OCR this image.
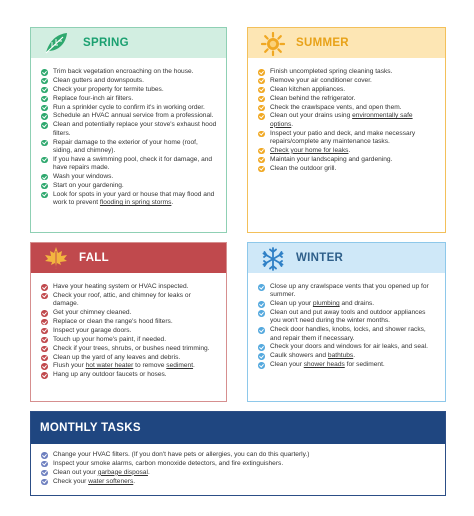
SPRING
Trim back vegetation encroaching on the house.
Clean gutters and downspouts.
Check your property for termite tubes.
Replace four-inch air filters.
Run a sprinkler cycle to confirm it's in working order.
Schedule an HVAC annual service from a professional.
Clean and potentially replace your stove's exhaust hood filters.
Repair damage to the exterior of your home (roof, siding, and chimney).
If you have a swimming pool, check it for damage, and have repairs made.
Wash your windows.
Start on your gardening.
Look for spots in your yard or house that may flood and work to prevent flooding in spring storms.
SUMMER
Finish uncompleted spring cleaning tasks.
Remove your air conditioner cover.
Clean kitchen appliances.
Clean behind the refrigerator.
Check the crawlspace vents, and open them.
Clean out your drains using environmentally safe options.
Inspect your patio and deck, and make necessary repairs/complete any maintenance tasks.
Check your home for leaks.
Maintain your landscaping and gardening.
Clean the outdoor grill.
FALL
Have your heating system or HVAC inspected.
Check your roof, attic, and chimney for leaks or damage.
Get your chimney cleaned.
Replace or clean the range's hood filters.
Inspect your garage doors.
Touch up your home's paint, if needed.
Check if your trees, shrubs, or bushes need trimming.
Clean up the yard of any leaves and debris.
Flush your hot water heater to remove sediment.
Hang up any outdoor faucets or hoses.
WINTER
Close up any crawlspace vents that you opened up for summer.
Clean up your plumbing and drains.
Clean out and put away tools and outdoor appliances you won't need during the winter months.
Check door handles, knobs, locks, and shower racks, and repair them if necessary.
Check your doors and windows for air leaks, and seal.
Caulk showers and bathtubs.
Clean your shower heads for sediment.
MONTHLY TASKS
Change your HVAC filters. (If you don't have pets or allergies, you can do this quarterly.)
Inspect your smoke alarms, carbon monoxide detectors, and fire extinguishers.
Clean out your garbage disposal.
Check your water softeners.
